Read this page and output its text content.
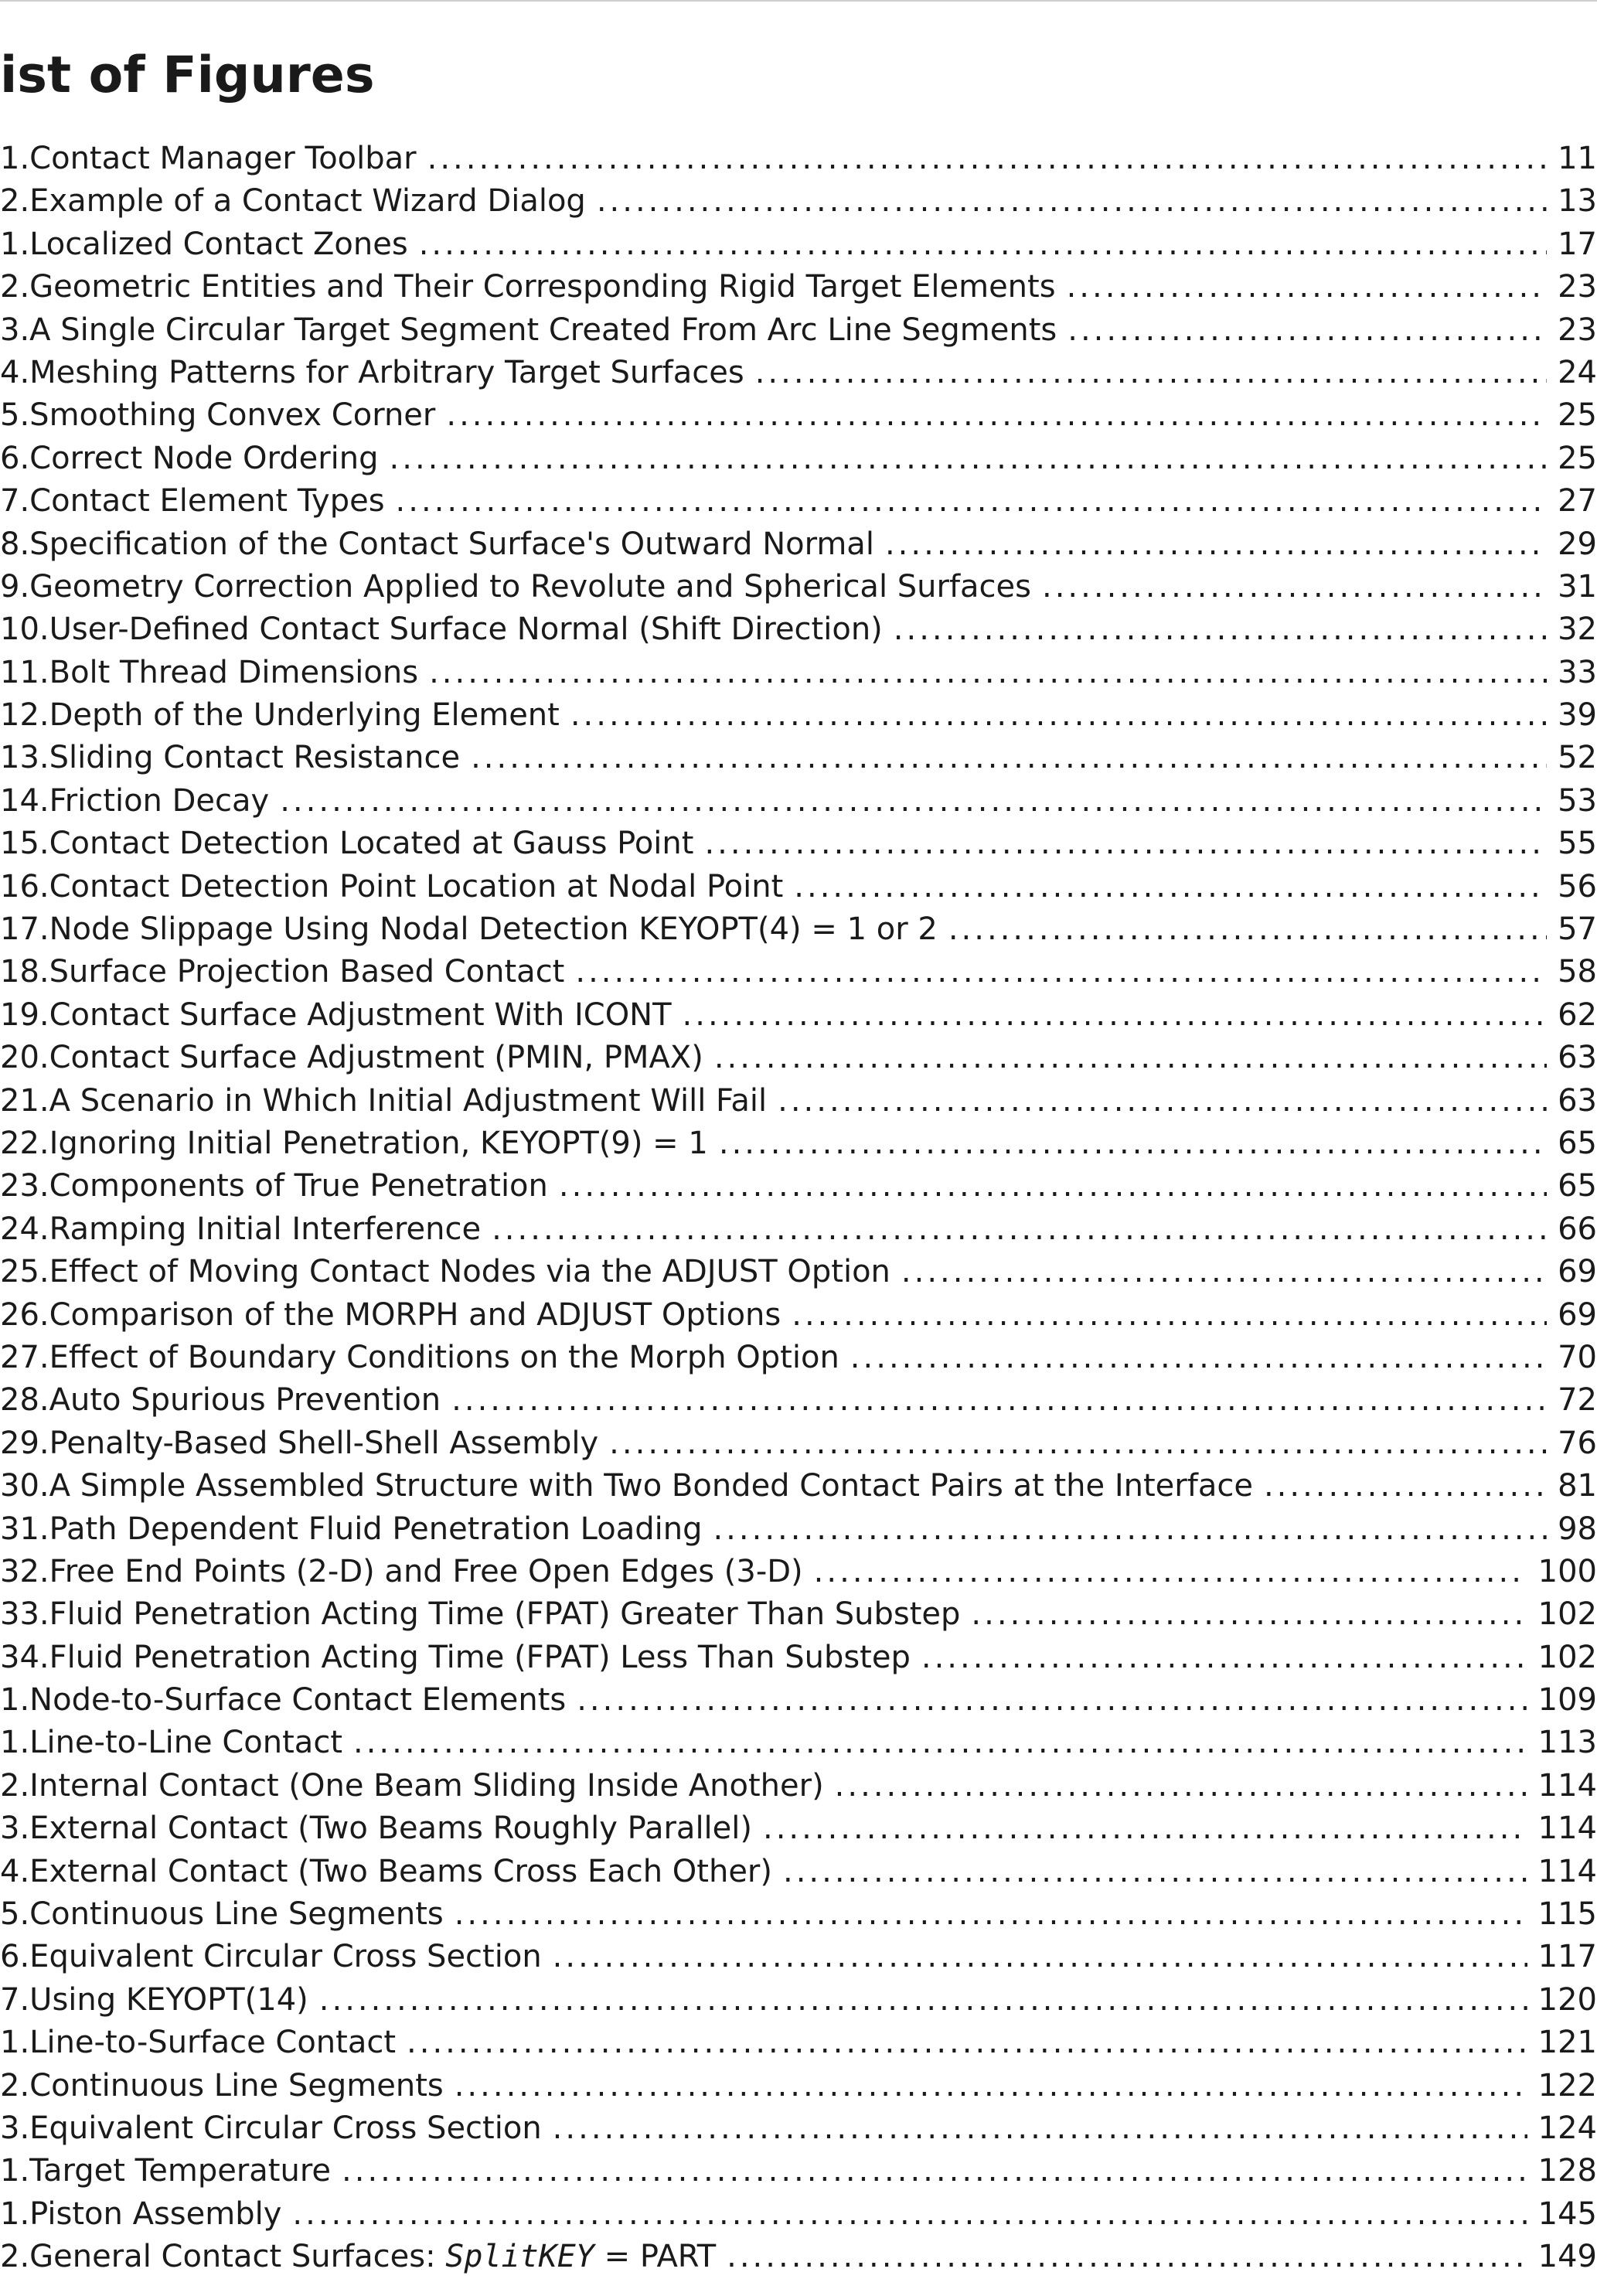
ist of Figures
1. Contact Manager Toolbar .....	11
2. Example of a Contact Wizard Dialog .....	13
1. Localized Contact Zones .....	17
2. Geometric Entities and Their Corresponding Rigid Target Elements .....	23
3. A Single Circular Target Segment Created From Arc Line Segments .....	23
4. Meshing Patterns for Arbitrary Target Surfaces .....	24
5. Smoothing Convex Corner .....	25
6. Correct Node Ordering .....	25
7. Contact Element Types .....	27
8. Specification of the Contact Surface's Outward Normal .....	29
9. Geometry Correction Applied to Revolute and Spherical Surfaces .....	31
10. User-Defined Contact Surface Normal (Shift Direction) .....	32
11. Bolt Thread Dimensions .....	33
12. Depth of the Underlying Element .....	39
13. Sliding Contact Resistance .....	52
14. Friction Decay .....	53
15. Contact Detection Located at Gauss Point .....	55
16. Contact Detection Point Location at Nodal Point .....	56
17. Node Slippage Using Nodal Detection KEYOPT(4) = 1 or 2 .....	57
18. Surface Projection Based Contact .....	58
19. Contact Surface Adjustment With ICONT .....	62
20. Contact Surface Adjustment (PMIN, PMAX) .....	63
21. A Scenario in Which Initial Adjustment Will Fail .....	63
22. Ignoring Initial Penetration, KEYOPT(9) = 1 .....	65
23. Components of True Penetration .....	65
24. Ramping Initial Interference .....	66
25. Effect of Moving Contact Nodes via the ADJUST Option .....	69
26. Comparison of the MORPH and ADJUST Options .....	69
27. Effect of Boundary Conditions on the Morph Option .....	70
28. Auto Spurious Prevention .....	72
29. Penalty-Based Shell-Shell Assembly .....	76
30. A Simple Assembled Structure with Two Bonded Contact Pairs at the Interface .....	81
31. Path Dependent Fluid Penetration Loading .....	98
32. Free End Points (2-D) and Free Open Edges (3-D) .....	100
33. Fluid Penetration Acting Time (FPAT) Greater Than Substep .....	102
34. Fluid Penetration Acting Time (FPAT) Less Than Substep .....	102
1. Node-to-Surface Contact Elements .....	109
1. Line-to-Line Contact .....	113
2. Internal Contact (One Beam Sliding Inside Another) .....	114
3. External Contact (Two Beams Roughly Parallel) .....	114
4. External Contact (Two Beams Cross Each Other) .....	114
5. Continuous Line Segments .....	115
6. Equivalent Circular Cross Section .....	117
7. Using KEYOPT(14) .....	120
1. Line-to-Surface Contact .....	121
2. Continuous Line Segments .....	122
3. Equivalent Circular Cross Section .....	124
1. Target Temperature .....	128
1. Piston Assembly .....	145
2. General Contact Surfaces: SplitKEY = PART .....	149
